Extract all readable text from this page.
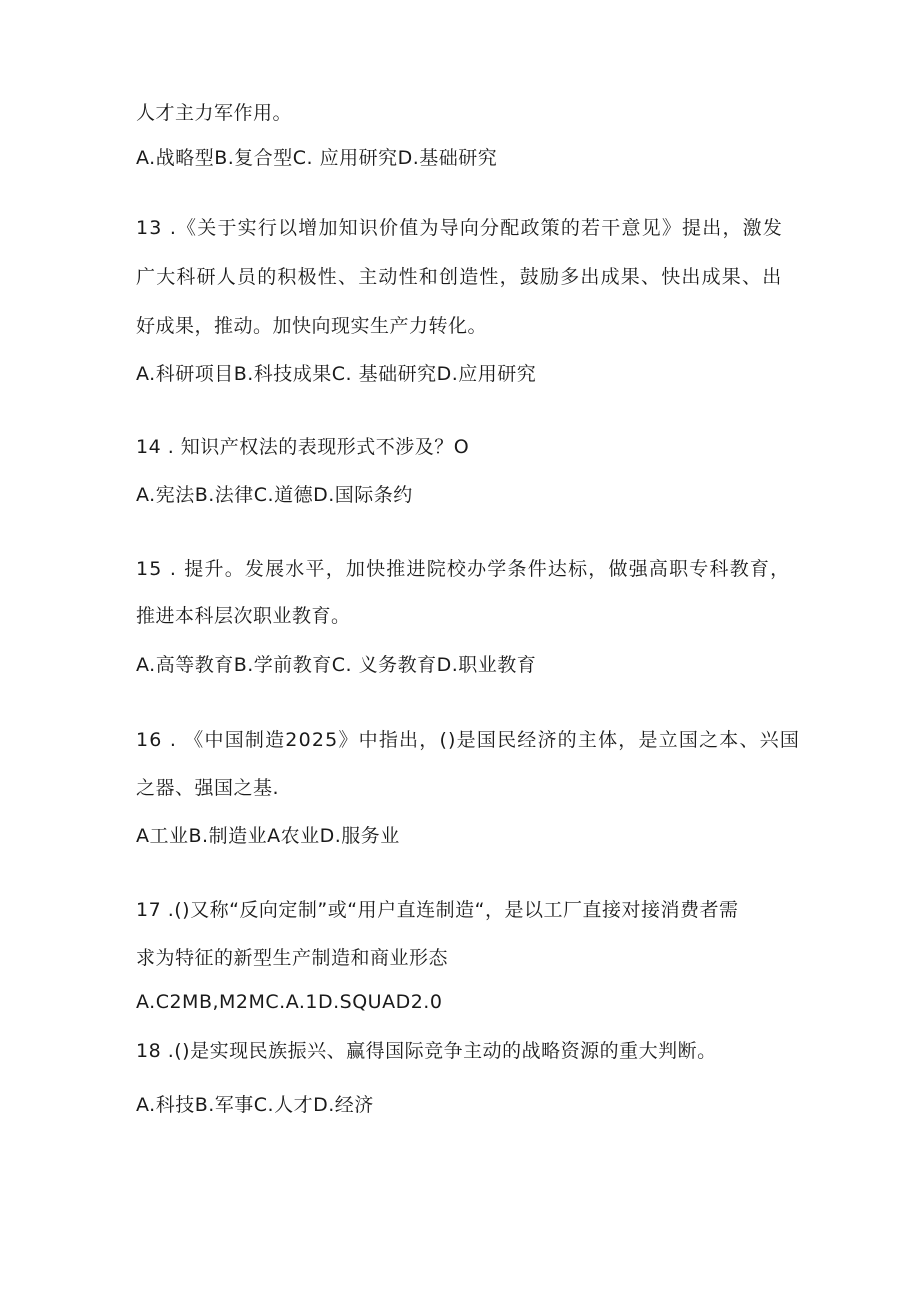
人才主力军作用。
A.战略型B.复合型C. 应用研究D.基础研究
13 .《关于实行以增加知识价值为导向分配政策的若干意见》提出，激发
广大科研人员的积极性、主动性和创造性，鼓励多出成果、快出成果、出
好成果，推动。加快向现实生产力转化。
A.科研项目B.科技成果C. 基础研究D.应用研究
14 . 知识产权法的表现形式不涉及？O
A.宪法B.法律C.道德D.国际条约
15 . 提升。发展水平，加快推进院校办学条件达标，做强高职专科教育，
推进本科层次职业教育。
A.高等教育B.学前教育C. 义务教育D.职业教育
16 . 《中国制造2025》中指出，()是国民经济的主体，是立国之本、兴国
之器、强国之基.
A工业B.制造业A农业D.服务业
17 .()又称“反向定制”或“用户直连制造“，是以工厂直接对接消费者需
求为特征的新型生产制造和商业形态
A.C2MB,M2MC.A.1D.SQUAD2.0
18 .()是实现民族振兴、赢得国际竞争主动的战略资源的重大判断。
A.科技B.军事C.人才D.经济
